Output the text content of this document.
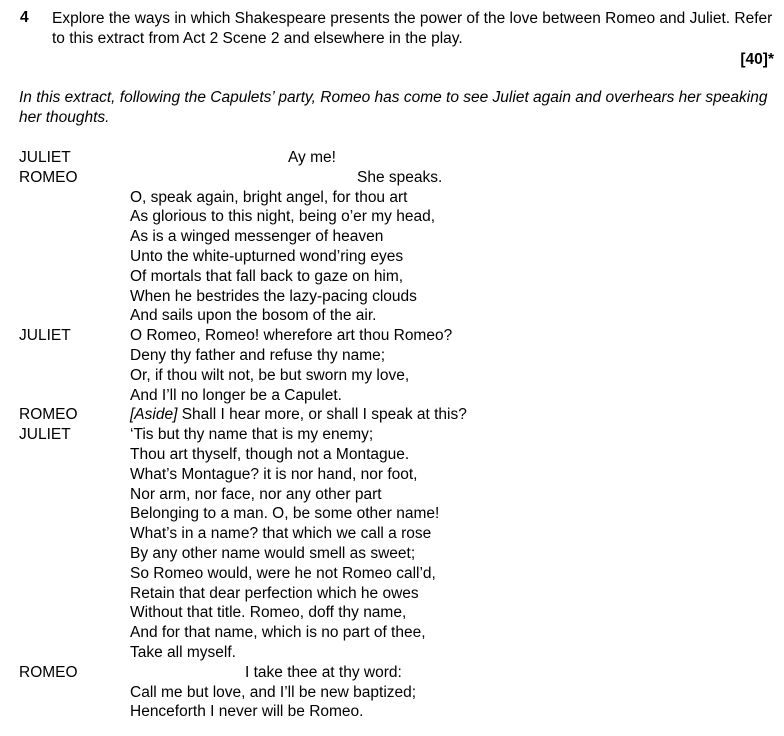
4 Explore the ways in which Shakespeare presents the power of the love between Romeo and Juliet. Refer to this extract from Act 2 Scene 2 and elsewhere in the play.
[40]*
In this extract, following the Capulets’ party, Romeo has come to see Juliet again and overhears her speaking her thoughts.
JULIET	Ay me!
ROMEO	She speaks.
O, speak again, bright angel, for thou art
As glorious to this night, being o’er my head,
As is a winged messenger of heaven
Unto the white-upturned wond’ring eyes
Of mortals that fall back to gaze on him,
When he bestrides the lazy-pacing clouds
And sails upon the bosom of the air.
JULIET	O Romeo, Romeo! wherefore art thou Romeo?
Deny thy father and refuse thy name;
Or, if thou wilt not, be but sworn my love,
And I’ll no longer be a Capulet.
ROMEO	[Aside] Shall I hear more, or shall I speak at this?
JULIET	‘Tis but thy name that is my enemy;
Thou art thyself, though not a Montague.
What’s Montague? it is nor hand, nor foot,
Nor arm, nor face, nor any other part
Belonging to a man. O, be some other name!
What’s in a name? that which we call a rose
By any other name would smell as sweet;
So Romeo would, were he not Romeo call’d,
Retain that dear perfection which he owes
Without that title. Romeo, doff thy name,
And for that name, which is no part of thee,
Take all myself.
ROMEO	I take thee at thy word:
Call me but love, and I’ll be new baptized;
Henceforth I never will be Romeo.
